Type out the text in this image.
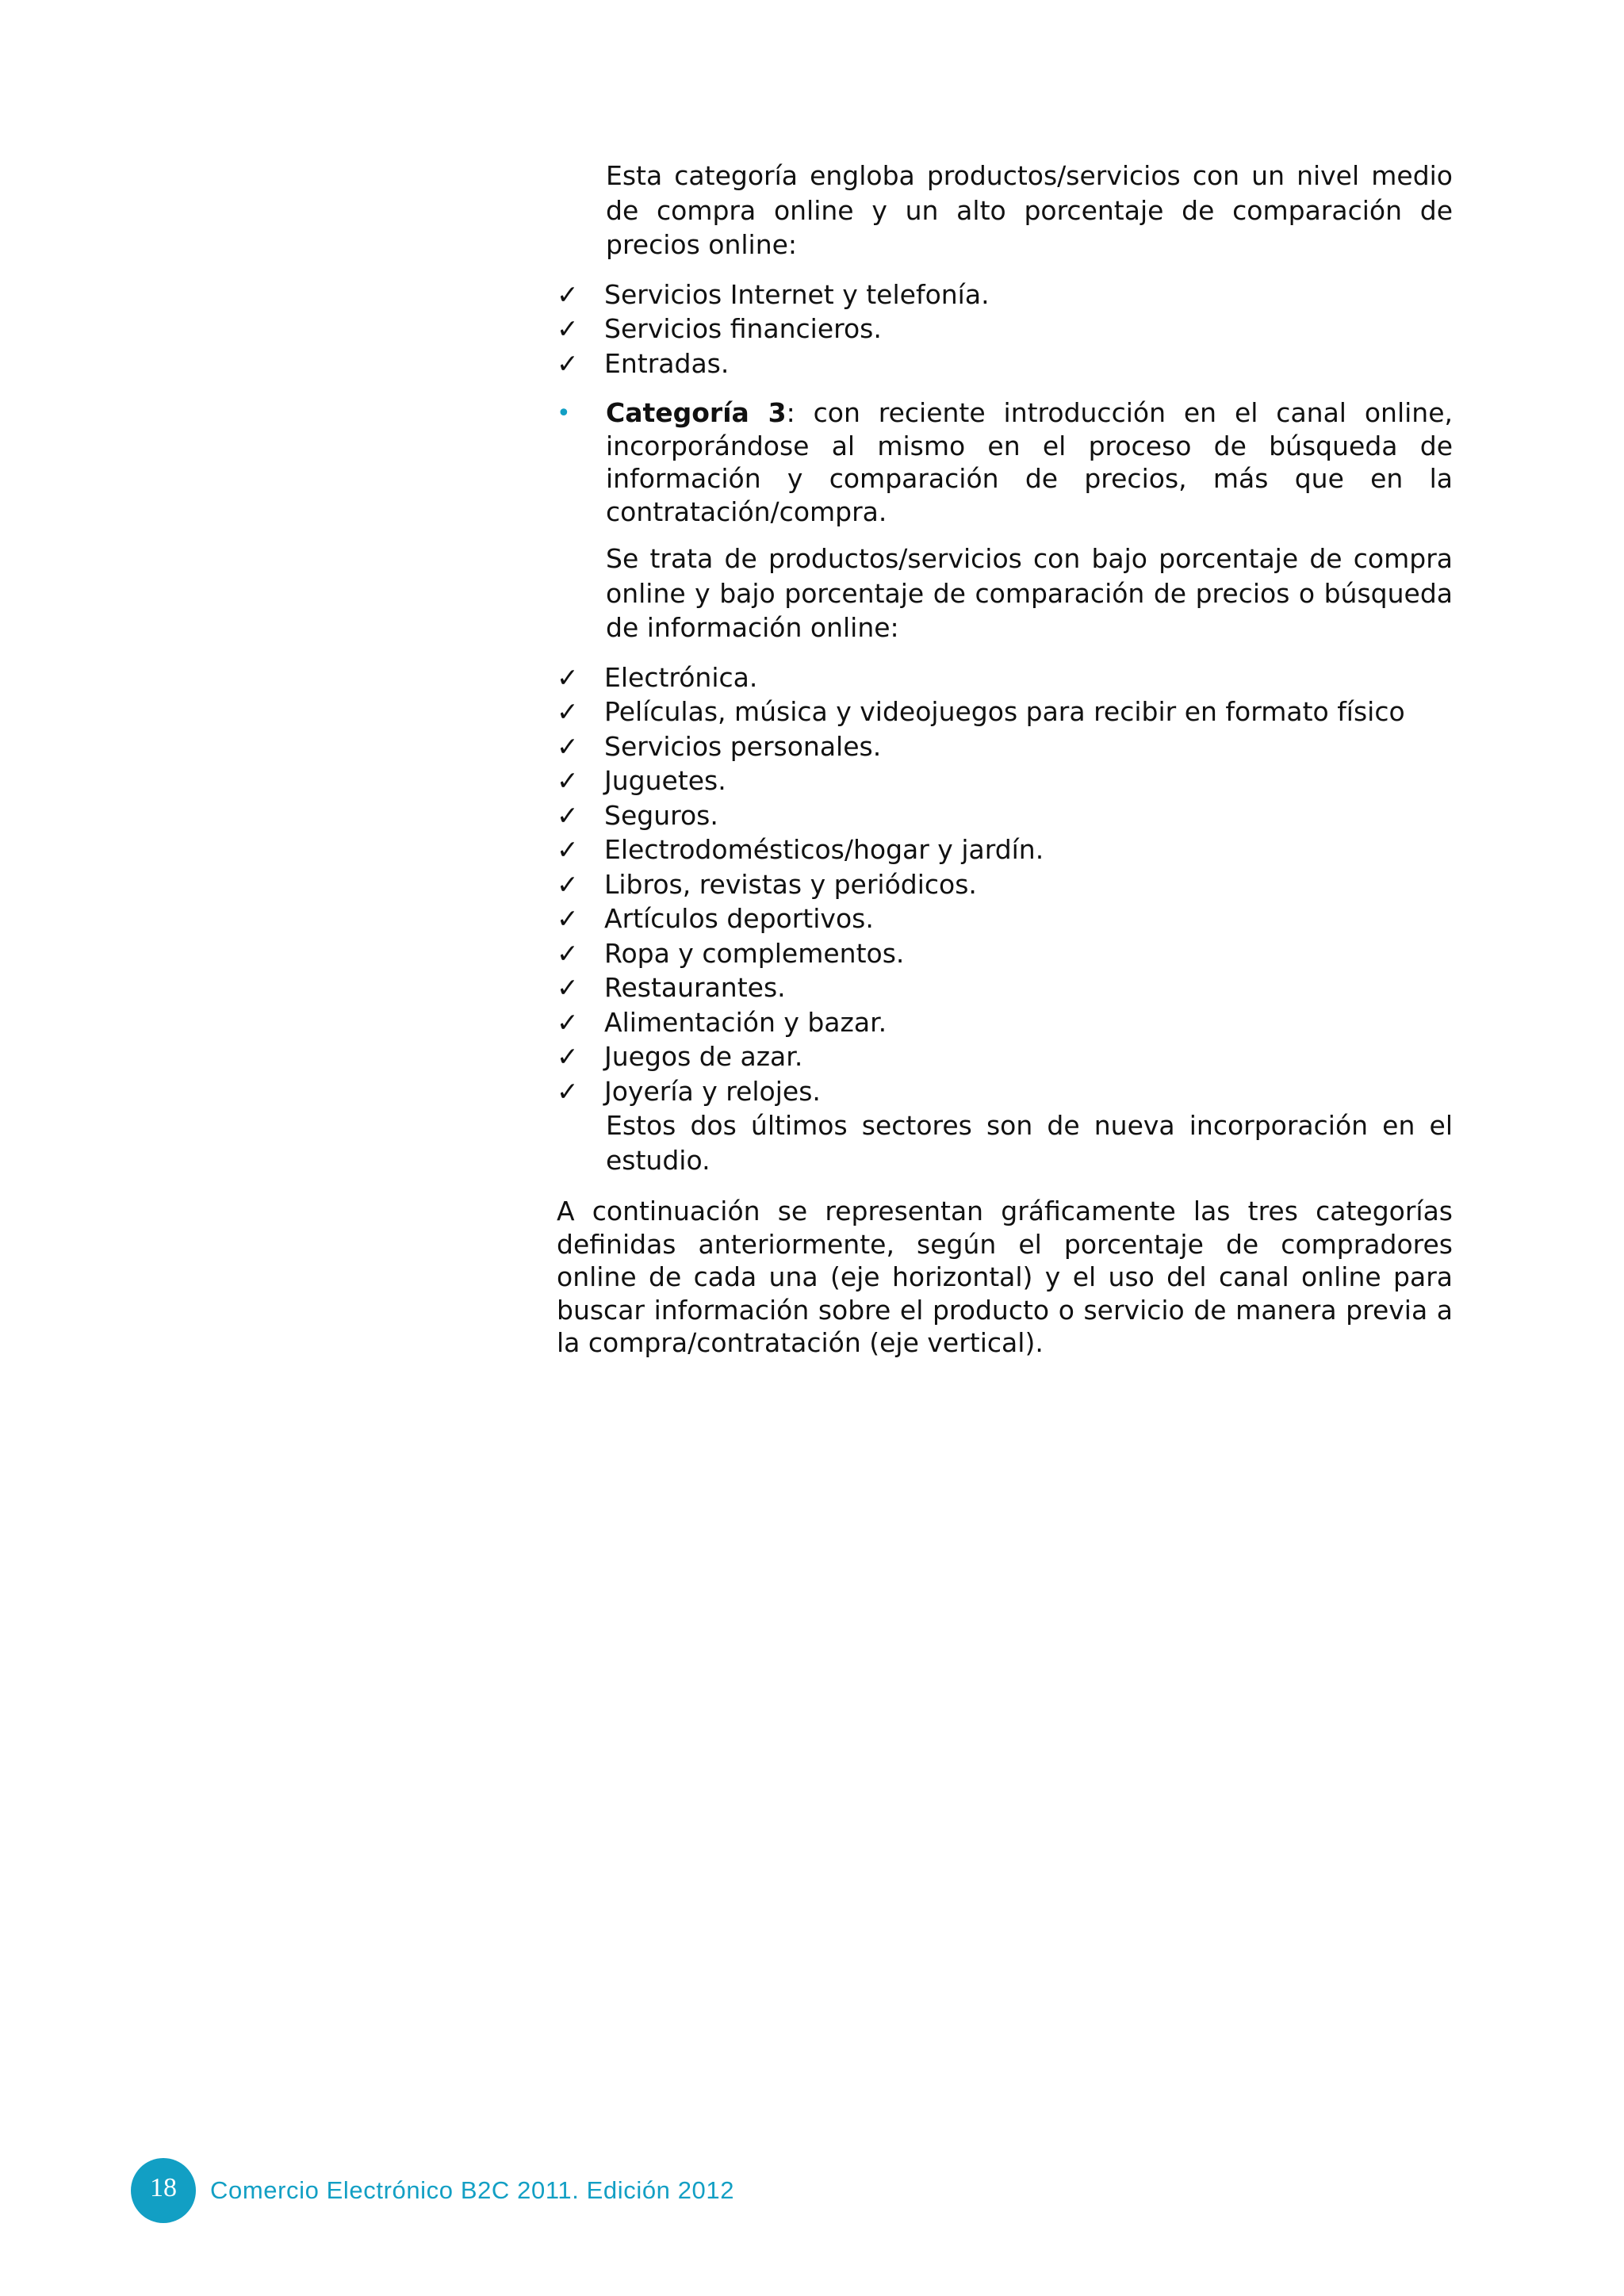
Esta categoría engloba productos/servicios con un nivel medio de compra online y un alto porcentaje de comparación de precios online:

✓ Servicios Internet y telefonía.
✓ Servicios financieros.
✓ Entradas.
• Categoría 3: con reciente introducción en el canal online, incorporándose al mismo en el proceso de búsqueda de información y comparación de precios, más que en la contratación/compra.

Se trata de productos/servicios con bajo porcentaje de compra online y bajo porcentaje de comparación de precios o búsqueda de información online:

✓ Electrónica.
✓ Películas, música y videojuegos para recibir en formato físico
✓ Servicios personales.
✓ Juguetes.
✓ Seguros.
✓ Electrodomésticos/hogar y jardín.
✓ Libros, revistas y periódicos.
✓ Artículos deportivos.
✓ Ropa y complementos.
✓ Restaurantes.
✓ Alimentación y bazar.
✓ Juegos de azar.
✓ Joyería y relojes.

Estos dos últimos sectores son de nueva incorporación en el estudio.

A continuación se representan gráficamente las tres categorías definidas anteriormente, según el porcentaje de compradores online de cada una (eje horizontal) y el uso del canal online para buscar información sobre el producto o servicio de manera previa a la compra/contratación (eje vertical).

18 Comercio Electrónico B2C 2011. Edición 2012
